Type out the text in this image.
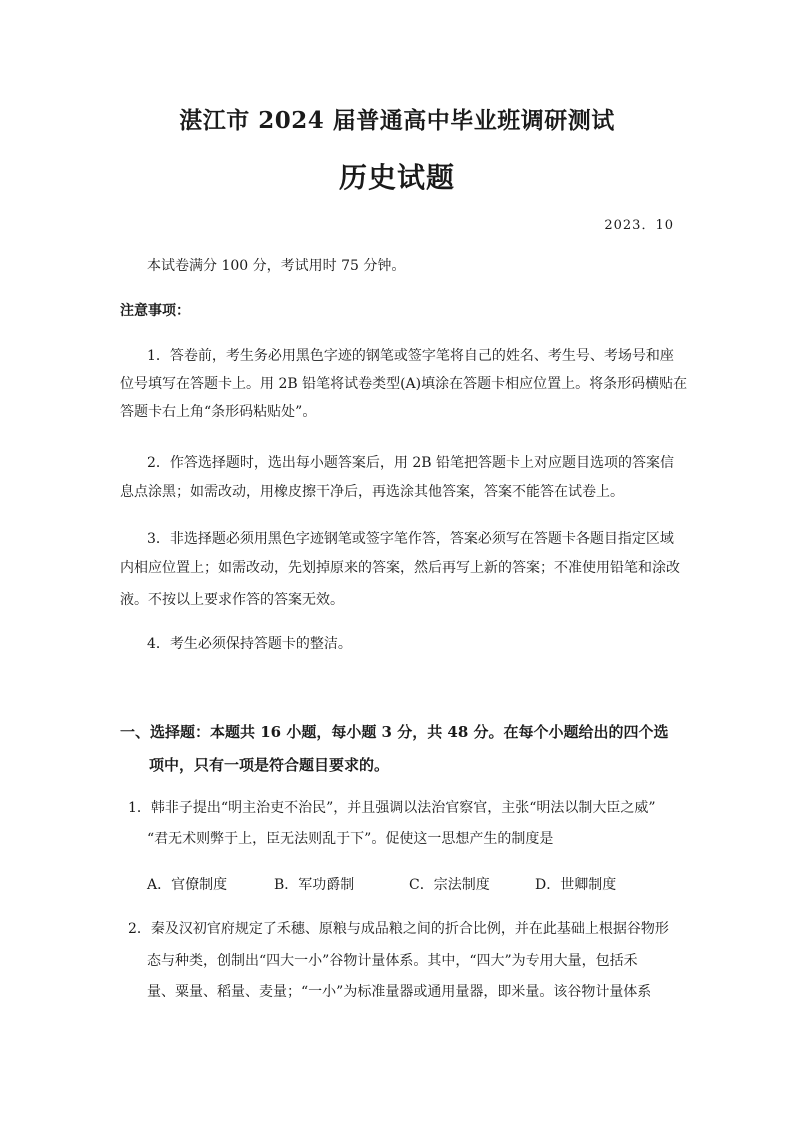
湛江市 2024 届普通高中毕业班调研测试
历史试题
2023．10
本试卷满分 100 分，考试用时 75 分钟。
注意事项：
1．答卷前，考生务必用黑色字迹的钢笔或签字笔将自己的姓名、考生号、考场号和座
位号填写在答题卡上。用 2B 铅笔将试卷类型(A)填涂在答题卡相应位置上。将条形码横贴在
答题卡右上角“条形码粘贴处”。
2．作答选择题时，选出每小题答案后，用 2B 铅笔把答题卡上对应题目选项的答案信
息点涂黑；如需改动，用橡皮擦干净后，再选涂其他答案，答案不能答在试卷上。
3．非选择题必须用黑色字迹钢笔或签字笔作答，答案必须写在答题卡各题目指定区域
内相应位置上；如需改动，先划掉原来的答案，然后再写上新的答案；不准使用铅笔和涂改
液。不按以上要求作答的答案无效。
4．考生必须保持答题卡的整洁。
一、选择题：本题共 16 小题，每小题 3 分，共 48 分。在每个小题给出的四个选
项中，只有一项是符合题目要求的。
1．韩非子提出“明主治吏不治民”，并且强调以法治官察官，主张“明法以制大臣之威”
“君无术则弊于上，臣无法则乱于下”。促使这一思想产生的制度是
A．官僚制度	B．军功爵制	C．宗法制度	D．世卿制度
2．秦及汉初官府规定了禾穗、原粮与成品粮之间的折合比例，并在此基础上根据谷物形
态与种类，创制出“四大一小”谷物计量体系。其中，“四大”为专用大量，包括禾
量、粟量、稻量、麦量；“一小”为标准量器或通用量器，即米量。该谷物计量体系
